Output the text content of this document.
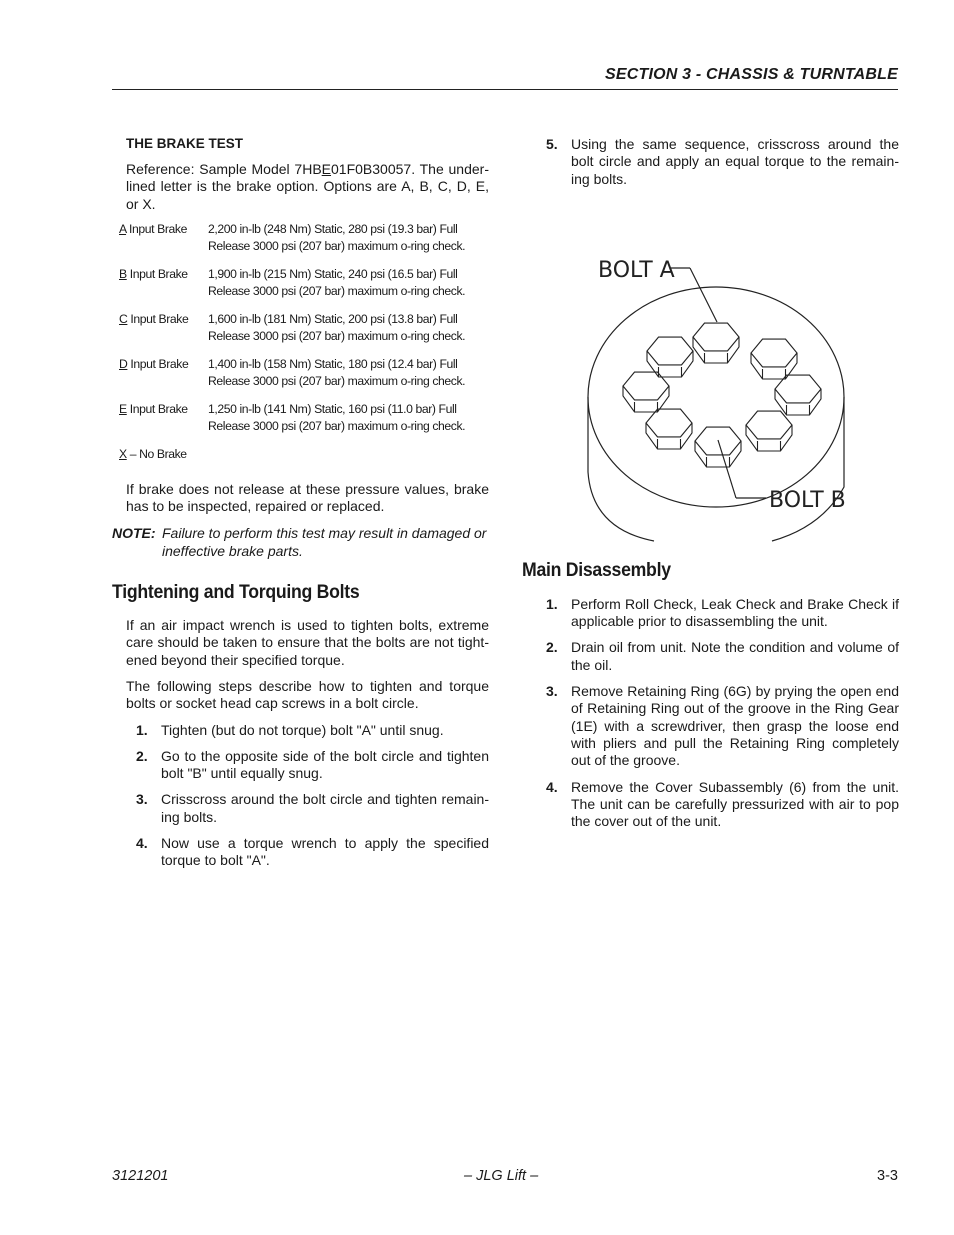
SECTION 3 - CHASSIS & TURNTABLE
THE BRAKE TEST
Reference: Sample Model 7HBE01F0B30057. The under-lined letter is the brake option. Options are A, B, C, D, E, or X.
A Input Brake	2,200 in-lb (248 Nm) Static, 280 psi (19.3 bar) Full
Release 3000 psi (207 bar) maximum o-ring check.
B Input Brake	1,900 in-lb (215 Nm) Static, 240 psi (16.5 bar) Full
Release 3000 psi (207 bar) maximum o-ring check.
C Input Brake	1,600 in-lb (181 Nm) Static, 200 psi (13.8 bar) Full
Release 3000 psi (207 bar) maximum o-ring check.
D Input Brake	1,400 in-lb (158 Nm) Static, 180 psi (12.4 bar) Full
Release 3000 psi (207 bar) maximum o-ring check.
E Input Brake	1,250 in-lb (141 Nm) Static, 160 psi (11.0 bar) Full
Release 3000 psi (207 bar) maximum o-ring check.
X – No Brake
If brake does not release at these pressure values, brake has to be inspected, repaired or replaced.
NOTE: Failure to perform this test may result in damaged or ineffective brake parts.
Tightening and Torquing Bolts
If an air impact wrench is used to tighten bolts, extreme care should be taken to ensure that the bolts are not tight-ened beyond their specified torque.
The following steps describe how to tighten and torque bolts or socket head cap screws in a bolt circle.
1. Tighten (but do not torque) bolt "A" until snug.
2. Go to the opposite side of the bolt circle and tighten bolt "B" until equally snug.
3. Crisscross around the bolt circle and tighten remain-ing bolts.
4. Now use a torque wrench to apply the specified torque to bolt "A".
5. Using the same sequence, crisscross around the bolt circle and apply an equal torque to the remain-ing bolts.
BOLT A
BOLT B
Main Disassembly
1. Perform Roll Check, Leak Check and Brake Check if applicable prior to disassembling the unit.
2. Drain oil from unit. Note the condition and volume of the oil.
3. Remove Retaining Ring (6G) by prying the open end of Retaining Ring out of the groove in the Ring Gear (1E) with a screwdriver, then grasp the loose end with pliers and pull the Retaining Ring completely out of the groove.
4. Remove the Cover Subassembly (6) from the unit. The unit can be carefully pressurized with air to pop the cover out of the unit.
3121201	– JLG Lift –	3-3
